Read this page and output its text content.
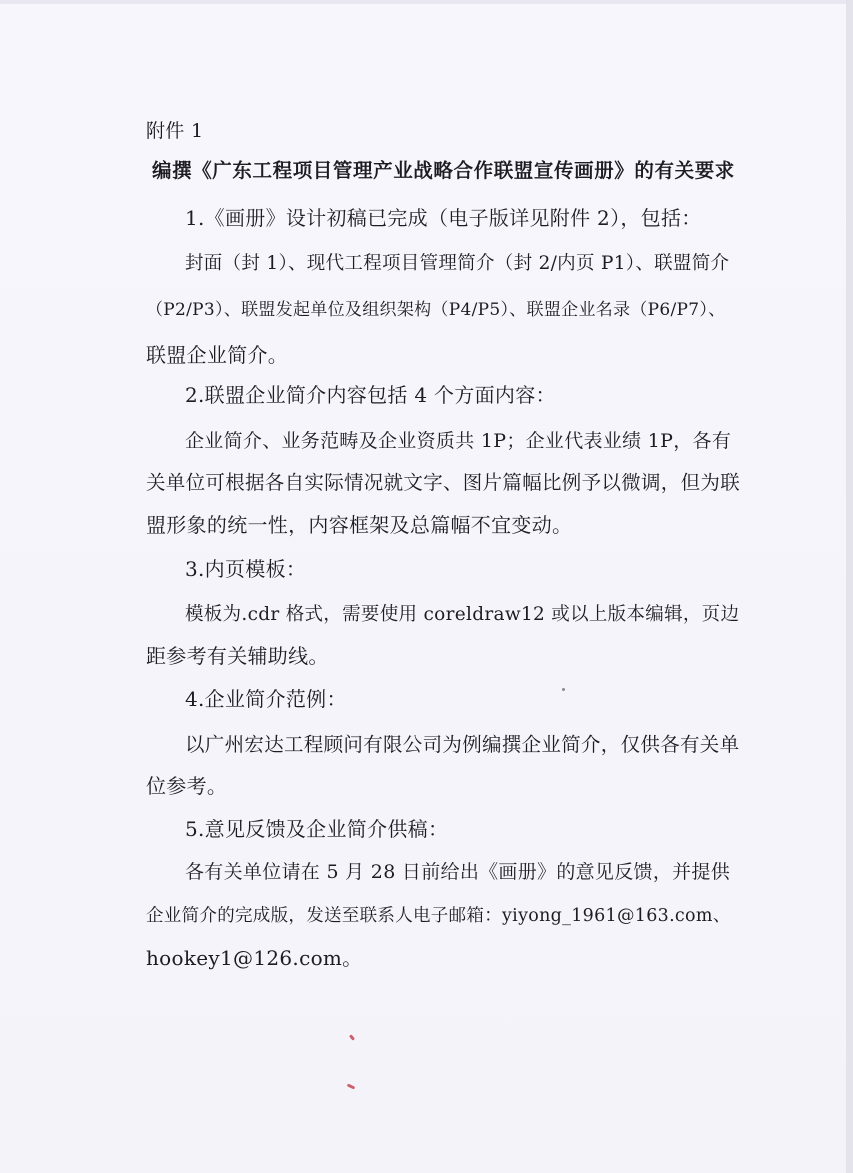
附件 1
编撰《广东工程项目管理产业战略合作联盟宣传画册》的有关要求
1.《画册》设计初稿已完成（电子版详见附件 2），包括：
封面（封 1）、现代工程项目管理简介（封 2/内页 P1）、联盟简介
（P2/P3）、联盟发起单位及组织架构（P4/P5）、联盟企业名录（P6/P7）、
联盟企业简介。
2.联盟企业简介内容包括 4 个方面内容：
企业简介、业务范畴及企业资质共 1P；企业代表业绩 1P，各有
关单位可根据各自实际情况就文字、图片篇幅比例予以微调，但为联
盟形象的统一性，内容框架及总篇幅不宜变动。
3.内页模板：
模板为.cdr 格式，需要使用 coreldraw12 或以上版本编辑，页边
距参考有关辅助线。
4.企业简介范例：
以广州宏达工程顾问有限公司为例编撰企业简介，仅供各有关单
位参考。
5.意见反馈及企业简介供稿：
各有关单位请在 5 月 28 日前给出《画册》的意见反馈，并提供
企业简介的完成版，发送至联系人电子邮箱：yiyong_1961@163.com、
hookey1@126.com。
